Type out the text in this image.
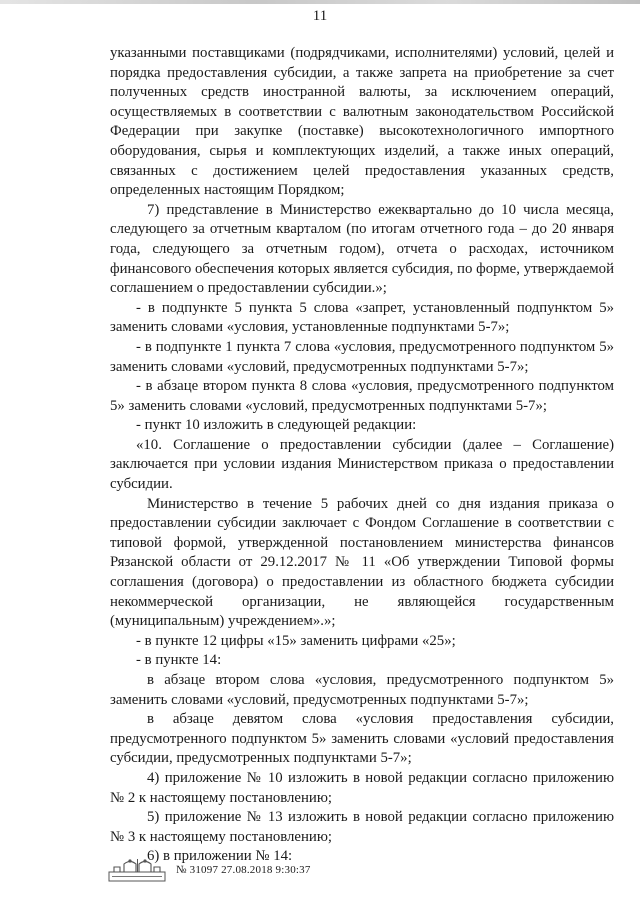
11

указанными поставщиками (подрядчиками, исполнителями) условий, целей и порядка предоставления субсидии, а также запрета на приобретение за счет полученных средств иностранной валюты, за исключением операций, осуществляемых в соответствии с валютным законодательством Российской Федерации при закупке (поставке) высокотехнологичного импортного оборудования, сырья и комплектующих изделий, а также иных операций, связанных с достижением целей предоставления указанных средств, определенных настоящим Порядком;

7) представление в Министерство ежеквартально до 10 числа месяца, следующего за отчетным кварталом (по итогам отчетного года – до 20 января года, следующего за отчетным годом), отчета о расходах, источником финансового обеспечения которых является субсидия, по форме, утверждаемой соглашением о предоставлении субсидии.»;

- в подпункте 5 пункта 5 слова «запрет, установленный подпунктом 5» заменить словами «условия, установленные подпунктами 5-7»;

- в подпункте 1 пункта 7 слова «условия, предусмотренного подпунктом 5» заменить словами «условий, предусмотренных подпунктами 5-7»;

- в абзаце втором пункта 8 слова «условия, предусмотренного подпунктом 5» заменить словами «условий, предусмотренных подпунктами 5-7»;

- пункт 10 изложить в следующей редакции:

«10. Соглашение о предоставлении субсидии (далее – Соглашение) заключается при условии издания Министерством приказа о предоставлении субсидии.

Министерство в течение 5 рабочих дней со дня издания приказа о предоставлении субсидии заключает с Фондом Соглашение в соответствии с типовой формой, утвержденной постановлением министерства финансов Рязанской области от 29.12.2017 № 11 «Об утверждении Типовой формы соглашения (договора) о предоставлении из областного бюджета субсидии некоммерческой организации, не являющейся государственным (муниципальным) учреждением».»;

- в пункте 12 цифры «15» заменить цифрами «25»;

- в пункте 14:

в абзаце втором слова «условия, предусмотренного подпунктом 5» заменить словами «условий, предусмотренных подпунктами 5-7»;

в абзаце девятом слова «условия предоставления субсидии, предусмотренного подпунктом 5» заменить словами «условий предоставления субсидии, предусмотренных подпунктами 5-7»;

4) приложение № 10 изложить в новой редакции согласно приложению № 2 к настоящему постановлению;

5) приложение № 13 изложить в новой редакции согласно приложению № 3 к настоящему постановлению;

6) в приложении № 14:

№ 31097 27.08.2018 9:30:37
